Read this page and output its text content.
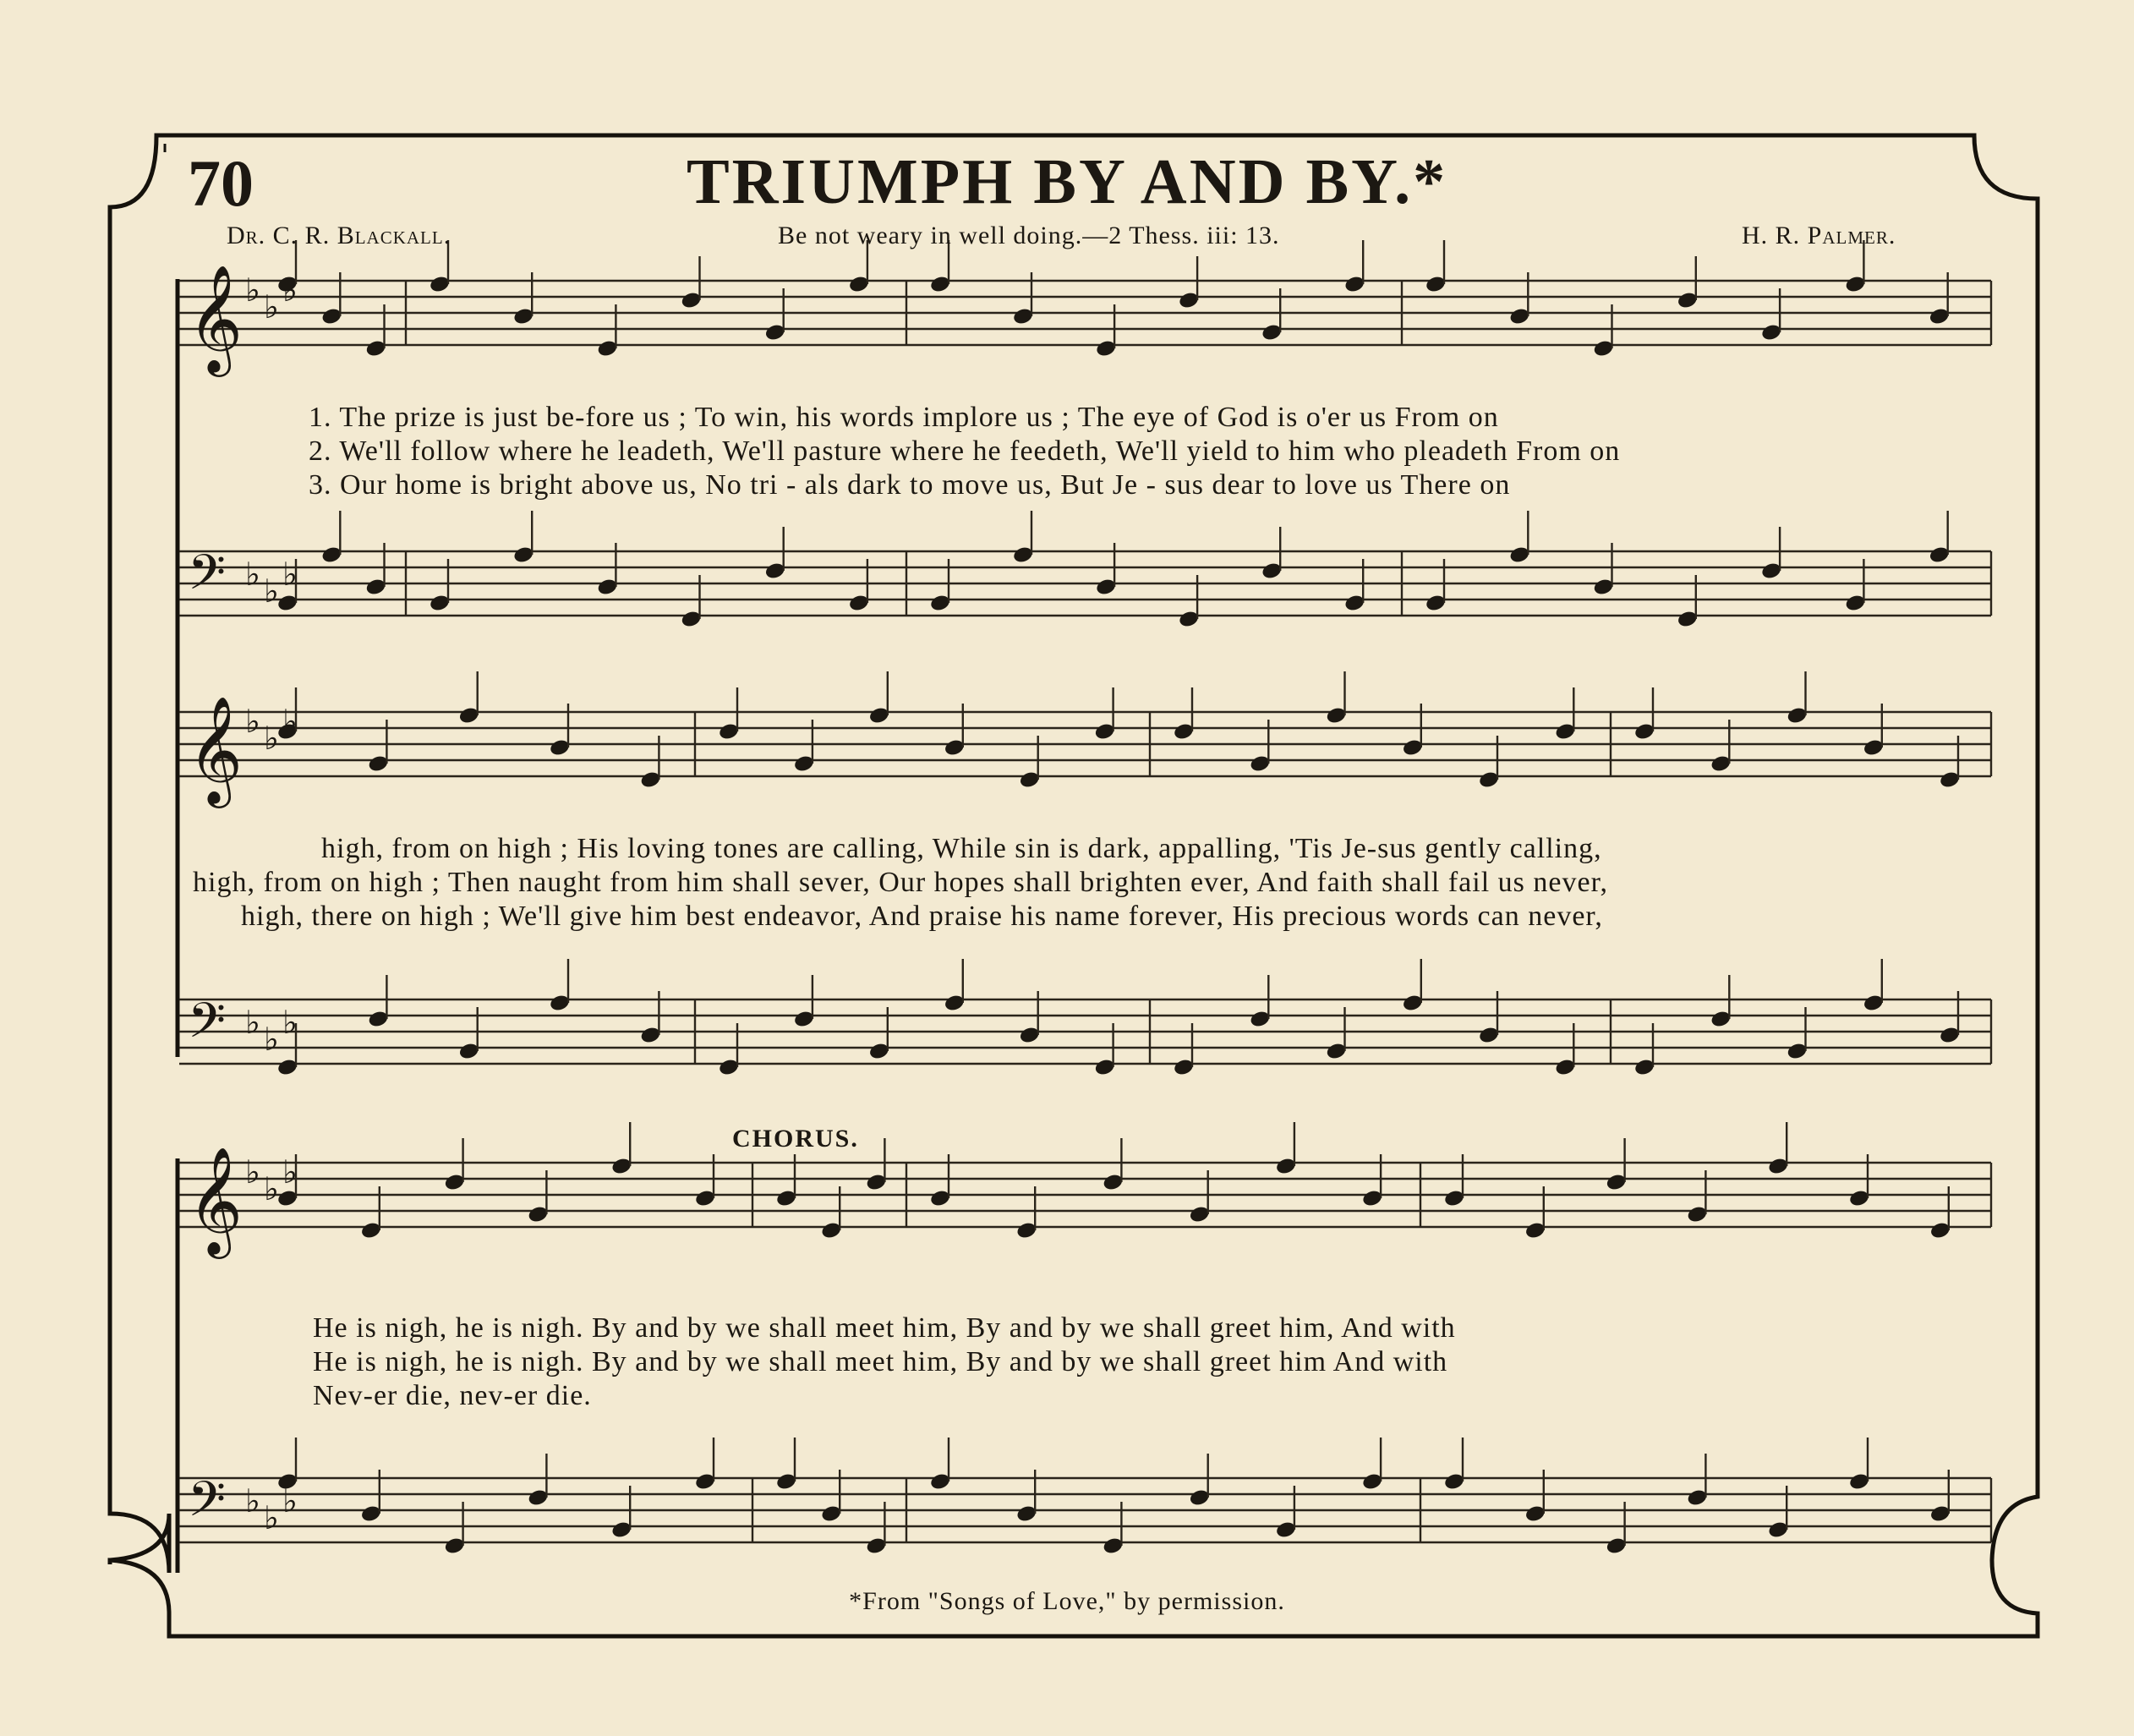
𝄞 ♭ ♭ ♭
𝄢 ♭ ♭ ♭
𝄞 ♭ ♭ ♭
𝄢 ♭ ♭ ♭
𝄞 ♭ ♭ ♭
𝄢 ♭ ♭ ♭
70	TRIUMPH BY AND BY.*
Dr. C. R. Blackall.	Be not weary in well doing.—2 Thess. iii: 13.	H. R. Palmer.
1. The prize is just be-fore us ; To win, his words implore us ; The eye of God is o'er us From on
2. We'll follow where he leadeth, We'll pasture where he feedeth, We'll yield to him who pleadeth From on
3. Our home is bright above us, No tri - als dark to move us, But Je - sus dear to love us There on
high, from on high ; His loving tones are calling, While sin is dark, appalling, 'Tis Je-sus gently calling,
high, from on high ; Then naught from him shall sever, Our hopes shall brighten ever, And faith shall fail us never,
high, there on high ; We'll give him best endeavor, And praise his name forever, His precious words can never,
CHORUS.
He is nigh, he is nigh. By and by we shall meet him, By and by we shall greet him, And with
He is nigh, he is nigh. By and by we shall meet him, By and by we shall greet him And with
Nev-er die, nev-er die.
*From "Songs of Love," by permission.
